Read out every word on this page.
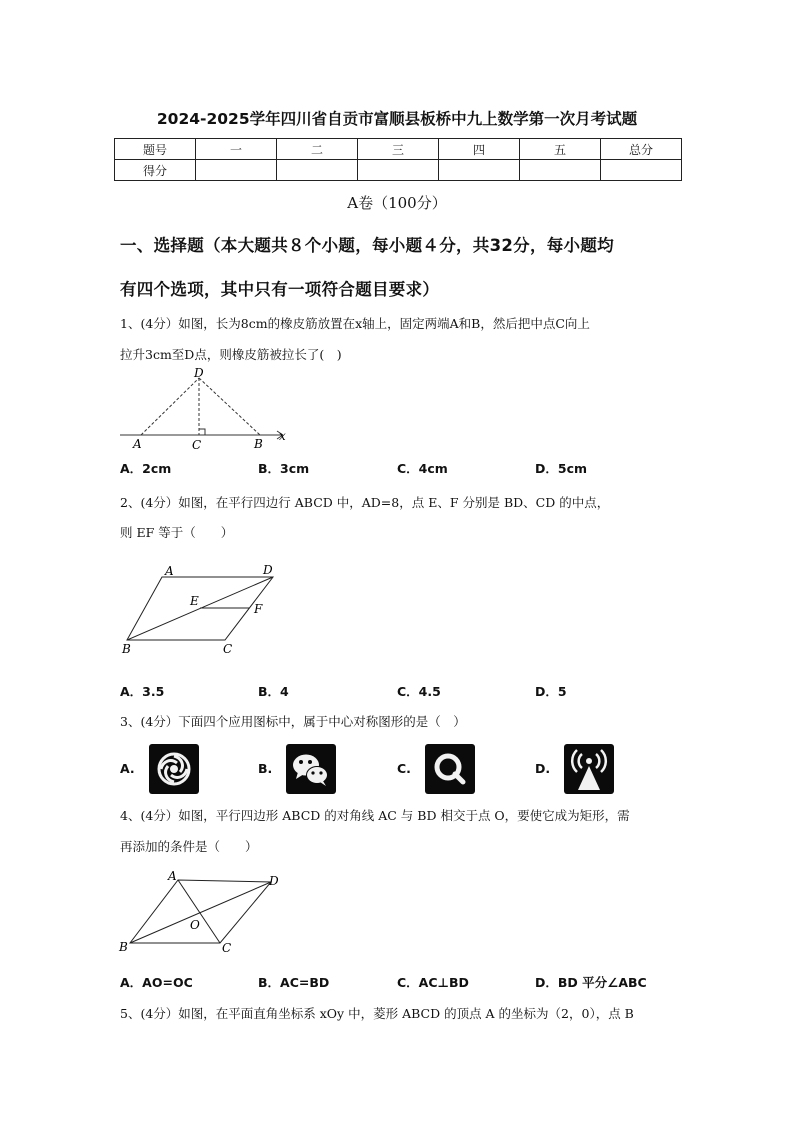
2024-2025学年四川省自贡市富顺县板桥中九上数学第一次月考试题
题号	一	二	三	四	五	总分
得分						
A卷（100分）
一、选择题（本大题共８个小题，每小题４分，共32分，每小题均
有四个选项，其中只有一项符合题目要求）
1、(4分）如图，长为8cm的橡皮筋放置在x轴上，固定两端A和B，然后把中点C向上
拉升3cm至D点，则橡皮筋被拉长了(　)
D
A	C	B
x
A．2cm	B．3cm	C．4cm	D．5cm
2、(4分）如图，在平行四边行 ABCD 中，AD=8，点 E、F 分别是 BD、CD 的中点，
则 EF 等于（　　）
A	D
E
F
B	C
A．3.5	B．4	C．4.5	D．5
3、(4分）下面四个应用图标中，属于中心对称图形的是（　）
A.	B.	C.	D.
4、(4分）如图，平行四边形 ABCD 的对角线 AC 与 BD 相交于点 O，要使它成为矩形，需
再添加的条件是（　　）
A	D
O
B	C
A．AO=OC	B．AC=BD	C．AC⊥BD	D．BD 平分∠ABC
5、(4分）如图，在平面直角坐标系 xOy 中，菱形 ABCD 的顶点 A 的坐标为（2，0），点 B
